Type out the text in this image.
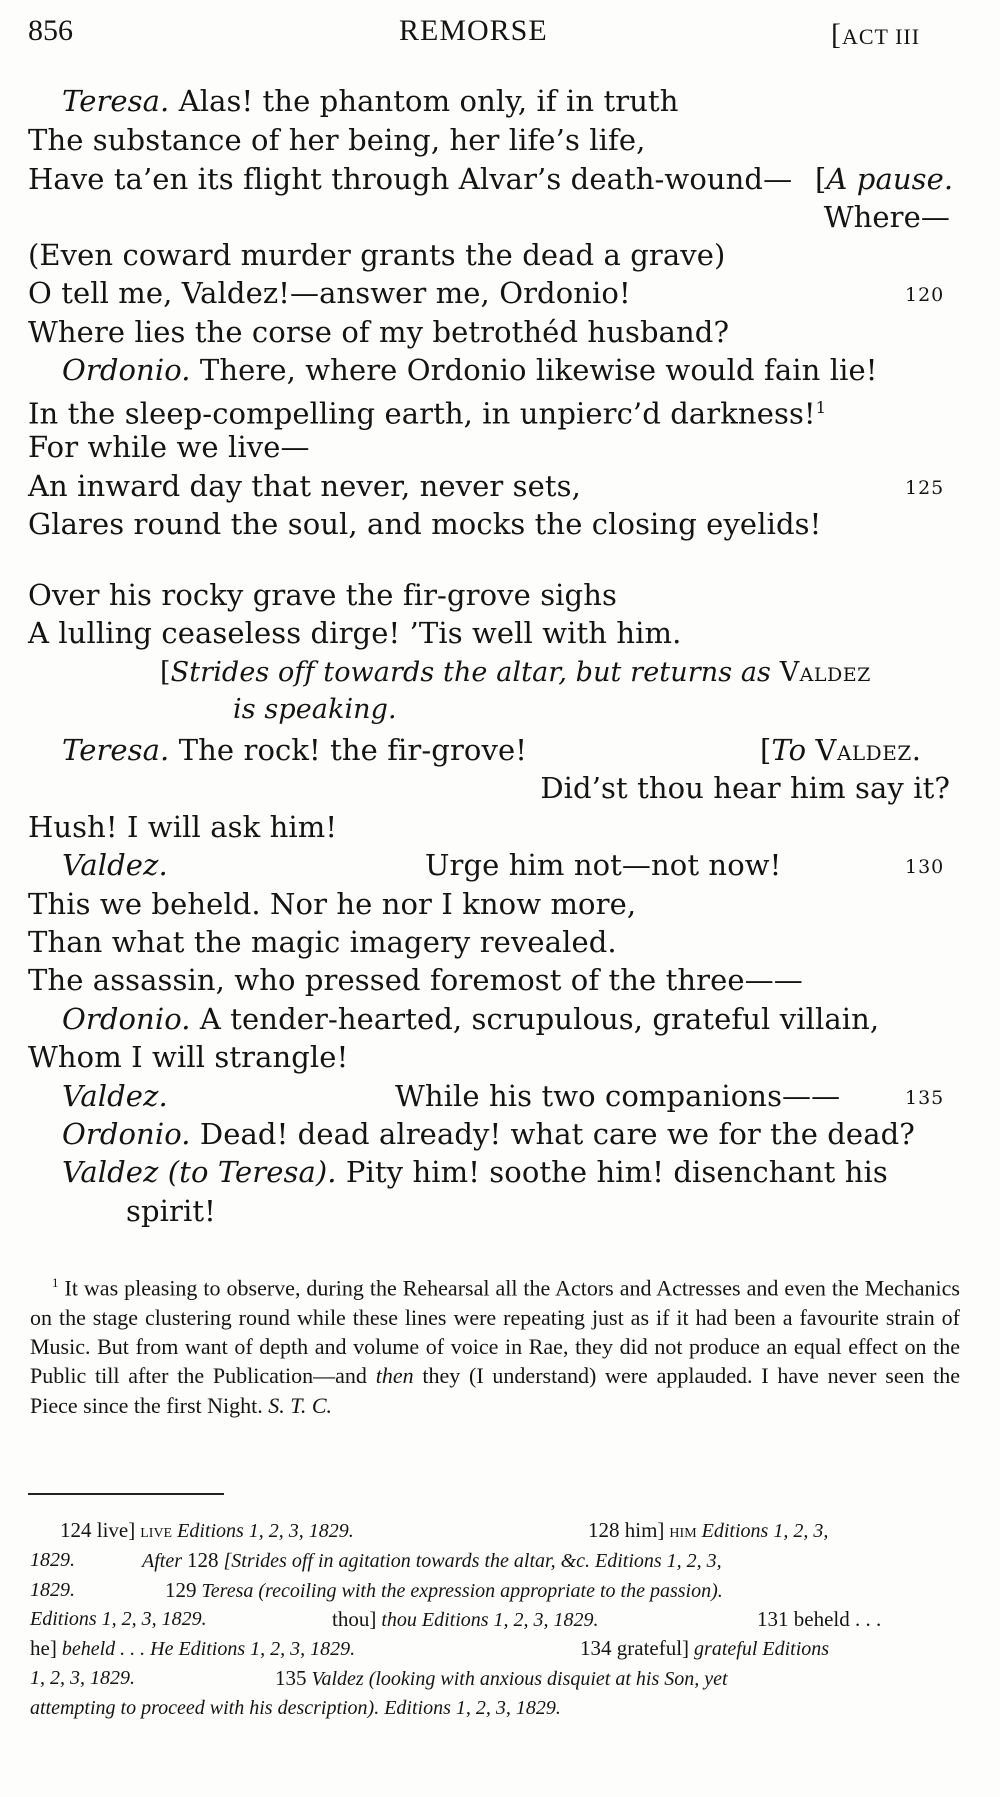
856	REMORSE	[ ACT III
Teresa. Alas! the phantom only, if in truth
The substance of her being, her life’s life,
Have ta’en its flight through Alvar’s death-wound— [A pause.
Where—
(Even coward murder grants the dead a grave)
O tell me, Valdez!—answer me, Ordonio!	120
Where lies the corse of my betrothéd husband?
Ordonio. There, where Ordonio likewise would fain lie!
In the sleep-compelling earth, in unpierc’d darkness!$^1$
For while we live—
An inward day that never, never sets,	125
Glares round the soul, and mocks the closing eyelids!
Over his rocky grave the fir-grove sighs
A lulling ceaseless dirge! ’Tis well with him.
[Strides off towards the altar, but returns as Valdez
is speaking.
Teresa. The rock! the fir-grove!	[To Valdez.
Did’st thou hear him say it?
Hush! I will ask him!
Valdez.	Urge him not—not now!	130
This we beheld. Nor he nor I know more,
Than what the magic imagery revealed.
The assassin, who pressed foremost of the three——
Ordonio. A tender-hearted, scrupulous, grateful villain,
Whom I will strangle!
Valdez.	While his two companions——	135
Ordonio. Dead! dead already! what care we for the dead?
Valdez (to Teresa). Pity him! soothe him! disenchant his
spirit!
$^1$ It was pleasing to observe, during the Rehearsal all the Actors and Actresses and even the Mechanics on the stage clustering round while these lines were repeating just as if it had been a favourite strain of Music. But from want of depth and volume of voice in Rae, they did not produce an equal effect on the Public till after the Publication—and then they (I understand) were applauded. I have never seen the Piece since the first Night. S. T. C.
124 live] live Editions 1, 2, 3, 1829.	128 him] him Editions 1, 2, 3,
1829.	After 128 [Strides off in agitation towards the altar, &c. Editions 1, 2, 3,
1829.	129 Teresa (recoiling with the expression appropriate to the passion).
Editions 1, 2, 3, 1829.	thou] thou Editions 1, 2, 3, 1829.	131 beheld . . .
he] beheld . . . He Editions 1, 2, 3, 1829.	134 grateful] grateful Editions
1, 2, 3, 1829.	135 Valdez (looking with anxious disquiet at his Son, yet
attempting to proceed with his description). Editions 1, 2, 3, 1829.
